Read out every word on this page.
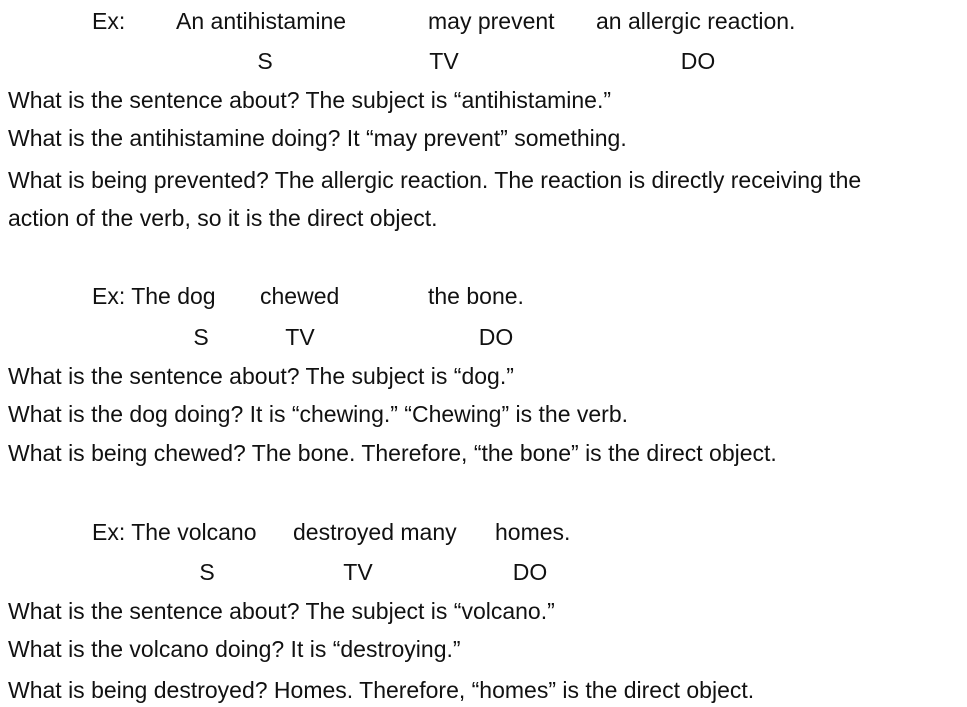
Ex: An antihistamine	may prevent an allergic reaction.
S	TV	DO
What is the sentence about? The subject is “antihistamine.”
What is the antihistamine doing? It “may prevent” something.
What is being prevented? The allergic reaction. The reaction is directly receiving the
action of the verb, so it is the direct object.
Ex: The dog chewed	the bone.
S	TV	DO
What is the sentence about? The subject is “dog.”
What is the dog doing? It is “chewing.” “Chewing” is the verb.
What is being chewed? The bone. Therefore, “the bone” is the direct object.
Ex: The volcano destroyed many homes.
S	TV	DO
What is the sentence about? The subject is “volcano.”
What is the volcano doing? It is “destroying.”
What is being destroyed? Homes. Therefore, “homes” is the direct object.
